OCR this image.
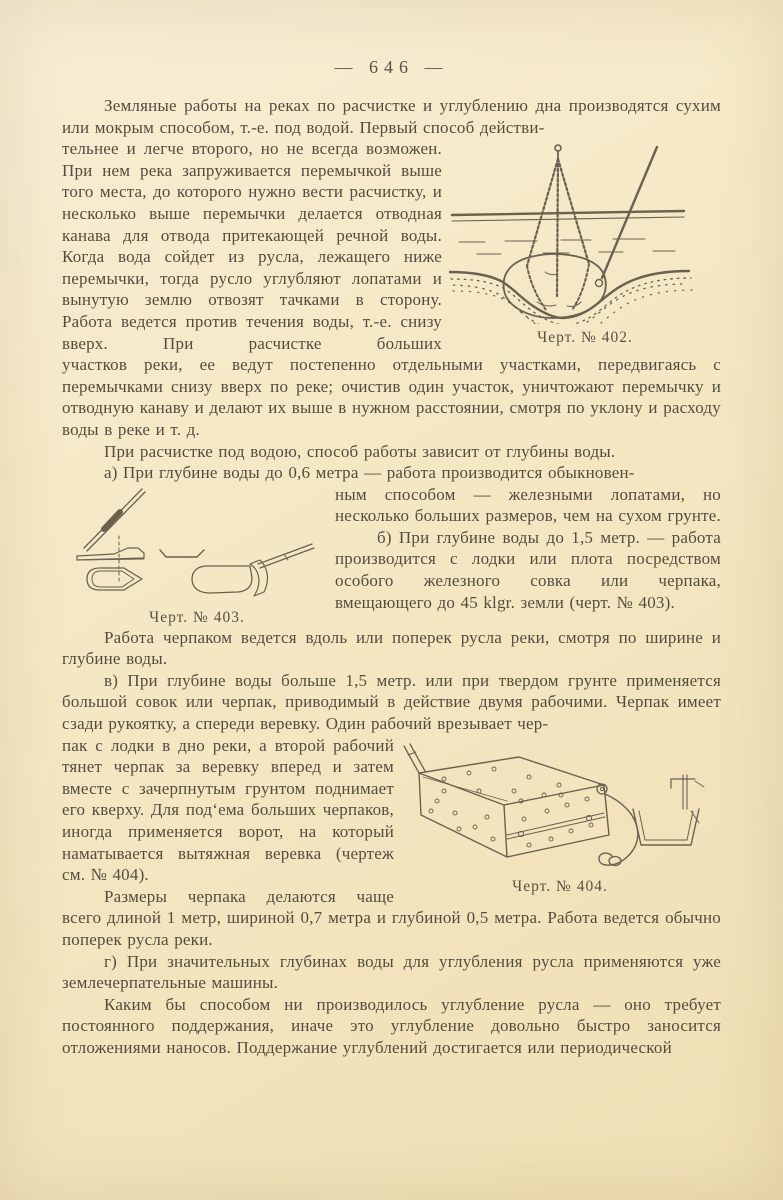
— 646 —

Земляные работы на реках по расчистке и углублению дна производятся сухим или мокрым способом, т.-е. под водой. Первый способ действи-

тельнее и легче второго, но не всегда возможен. При нем река запруживается перемычкой выше того места, до которого нужно вести расчистку, и несколько выше перемычки делается отводная канава для отвода притекающей речной воды. Когда вода сойдет из русла, лежащего ниже перемычки, тогда русло углубляют лопатами и вынутую землю отвозят тачками в сторону. Работа ведется против течения воды, т.-е. снизу вверх. При расчистке больших	Черт. № 402.

участков реки, ее ведут постепенно отдельными участками, передвигаясь с перемычками снизу вверх по реке; очистив один участок, уничтожают перемычку и отводную канаву и делают их выше в нужном расстоянии, смотря по уклону и расходу воды в реке и т. д.

При расчистке под водою, способ работы зависит от глубины воды.

а) При глубине воды до 0,6 метра — работа производится обыкновен-

Черт. № 403.

ным способом — железными лопатами, но несколько больших размеров, чем на сухом грунте.

б) При глубине воды до 1,5 метр. — работа производится с лодки или плота посредством особого железного совка или черпака, вмещающего до 45 klgr. земли (черт. № 403).

Работа черпаком ведется вдоль или поперек русла реки, смотря по ширине и глубине воды.

в) При глубине воды больше 1,5 метр. или при твердом грунте применяется большой совок или черпак, приводимый в действие двумя рабочими. Черпак имеет сзади рукоятку, а спереди веревку. Один рабочий врезывает чер-

пак с лодки в дно реки, а второй рабочий тянет черпак за веревку вперед и затем вместе с зачерпнутым грунтом поднимает его кверху. Для под‘ема больших черпаков, иногда применяется ворот, на который наматывается вытяжная веревка (чертеж см. № 404).

Размеры черпака делаются чаще

Черт. № 404.

всего длиной 1 метр, шириной 0,7 метра и глубиной 0,5 метра. Работа ведется обычно поперек русла реки.

г) При значительных глубинах воды для углубления русла применяются уже землечерпательные машины.

Каким бы способом ни производилось углубление русла — оно требует постоянного поддержания, иначе это углубление довольно быстро заносится отложениями наносов. Поддержание углублений достигается или периодической
